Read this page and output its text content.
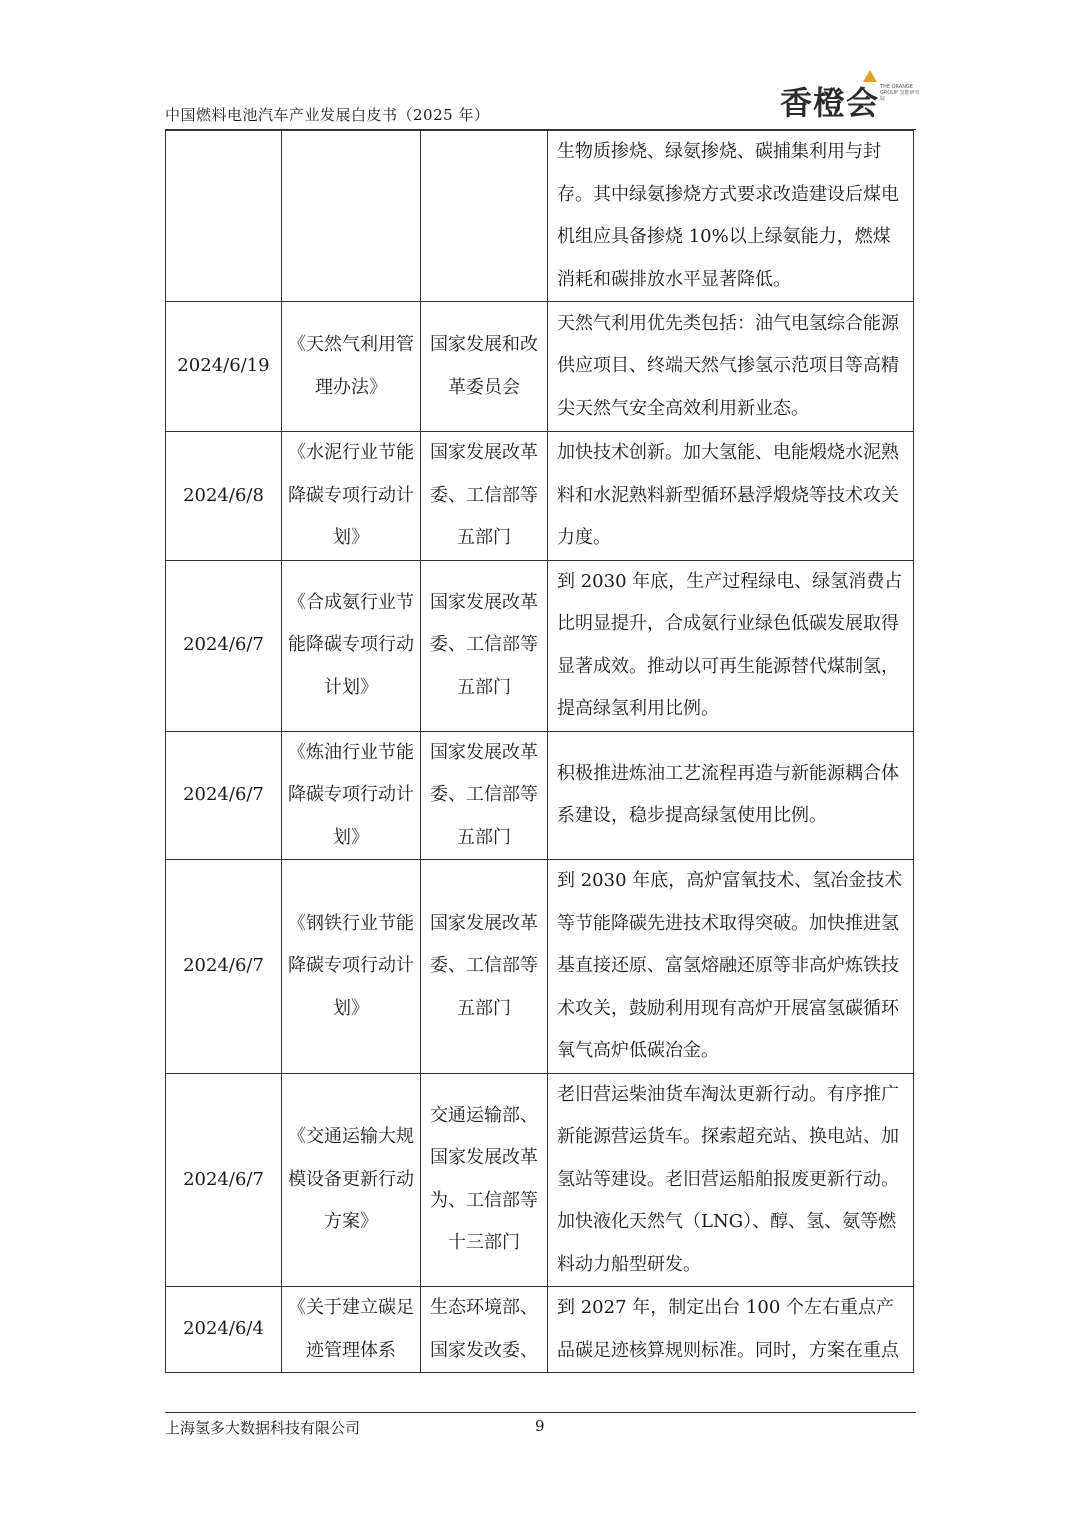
中国燃料电池汽车产业发展白皮书（2025 年）	香橙会 THE ORANGE GROUP 氢能研究院
			生物质掺烧、绿氨掺烧、碳捕集利用与封存。其中绿氨掺烧方式要求改造建设后煤电机组应具备掺烧 10%以上绿氨能力，燃煤消耗和碳排放水平显著降低。
2024/6/19	《天然气利用管理办法》	国家发展和改革委员会	天然气利用优先类包括：油气电氢综合能源供应项目、终端天然气掺氢示范项目等高精尖天然气安全高效利用新业态。
2024/6/8	《水泥行业节能降碳专项行动计划》	国家发展改革委、工信部等五部门	加快技术创新。加大氢能、电能煅烧水泥熟料和水泥熟料新型循环悬浮煅烧等技术攻关力度。
2024/6/7	《合成氨行业节能降碳专项行动计划》	国家发展改革委、工信部等五部门	到 2030 年底，生产过程绿电、绿氢消费占比明显提升，合成氨行业绿色低碳发展取得显著成效。推动以可再生能源替代煤制氢，提高绿氢利用比例。
2024/6/7	《炼油行业节能降碳专项行动计划》	国家发展改革委、工信部等五部门	积极推进炼油工艺流程再造与新能源耦合体系建设，稳步提高绿氢使用比例。
2024/6/7	《钢铁行业节能降碳专项行动计划》	国家发展改革委、工信部等五部门	到 2030 年底，高炉富氧技术、氢冶金技术等节能降碳先进技术取得突破。加快推进氢基直接还原、富氢熔融还原等非高炉炼铁技术攻关，鼓励利用现有高炉开展富氢碳循环氧气高炉低碳冶金。
2024/6/7	《交通运输大规模设备更新行动方案》	交通运输部、国家发展改革为、工信部等十三部门	老旧营运柴油货车淘汰更新行动。有序推广新能源营运货车。探索超充站、换电站、加氢站等建设。老旧营运船舶报废更新行动。加快液化天然气（LNG）、醇、氢、氨等燃料动力船型研发。
2024/6/4	《关于建立碳足迹管理体系	生态环境部、国家发改委、	到 2027 年，制定出台 100 个左右重点产品碳足迹核算规则标准。同时，方案在重点
上海氢多大数据科技有限公司	9
